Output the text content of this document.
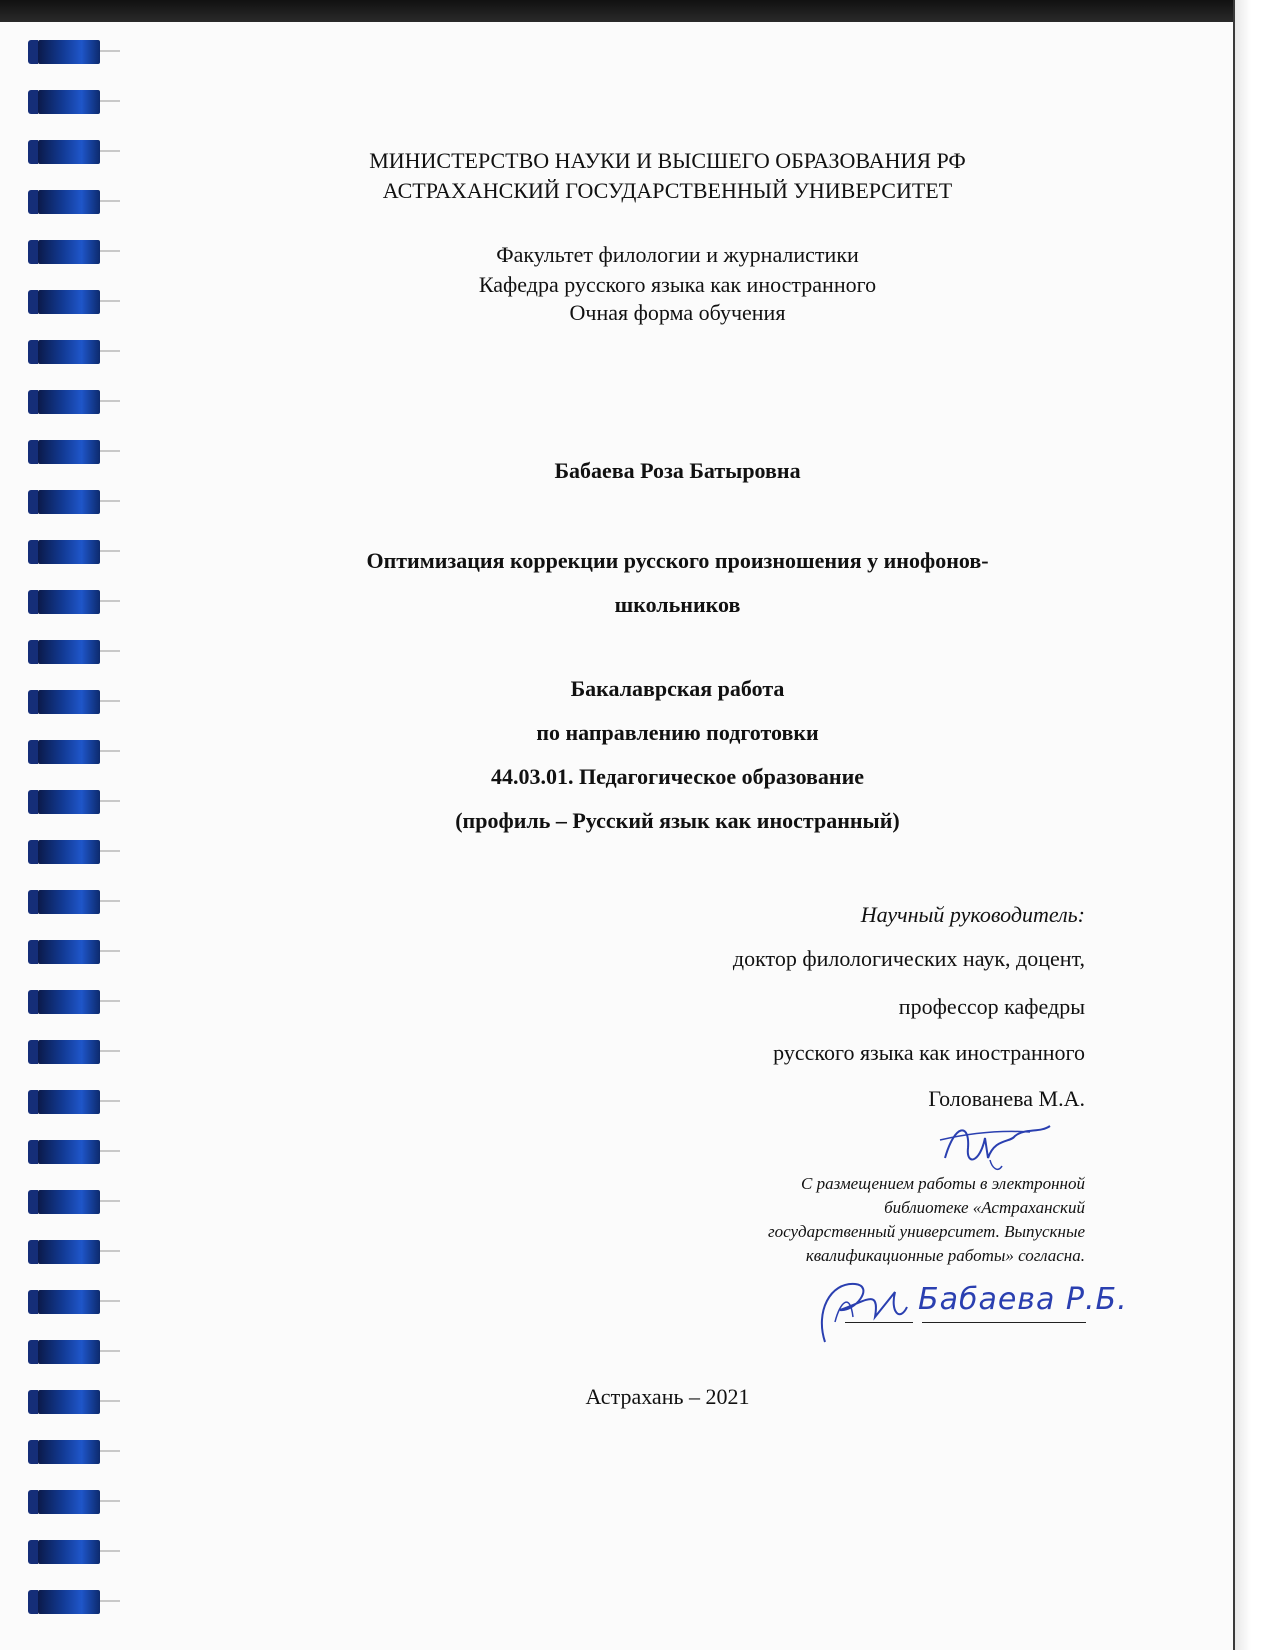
МИНИСТЕРСТВО НАУКИ И ВЫСШЕГО ОБРАЗОВАНИЯ РФ
АСТРАХАНСКИЙ ГОСУДАРСТВЕННЫЙ УНИВЕРСИТЕТ
Факультет филологии и журналистики
Кафедра русского языка как иностранного
Очная форма обучения
Бабаева Роза Батыровна
Оптимизация коррекции русского произношения у инофонов-
школьников
Бакалаврская работа
по направлению подготовки
44.03.01. Педагогическое образование
(профиль – Русский язык как иностранный)
Научный руководитель:
доктор филологических наук, доцент,
профессор кафедры
русского языка как иностранного
Голованева М.А.
С размещением работы в электронной
библиотеке «Астраханский
государственный университет. Выпускные
квалификационные работы» согласна.
Бабаева Р.Б.
Астрахань – 2021
